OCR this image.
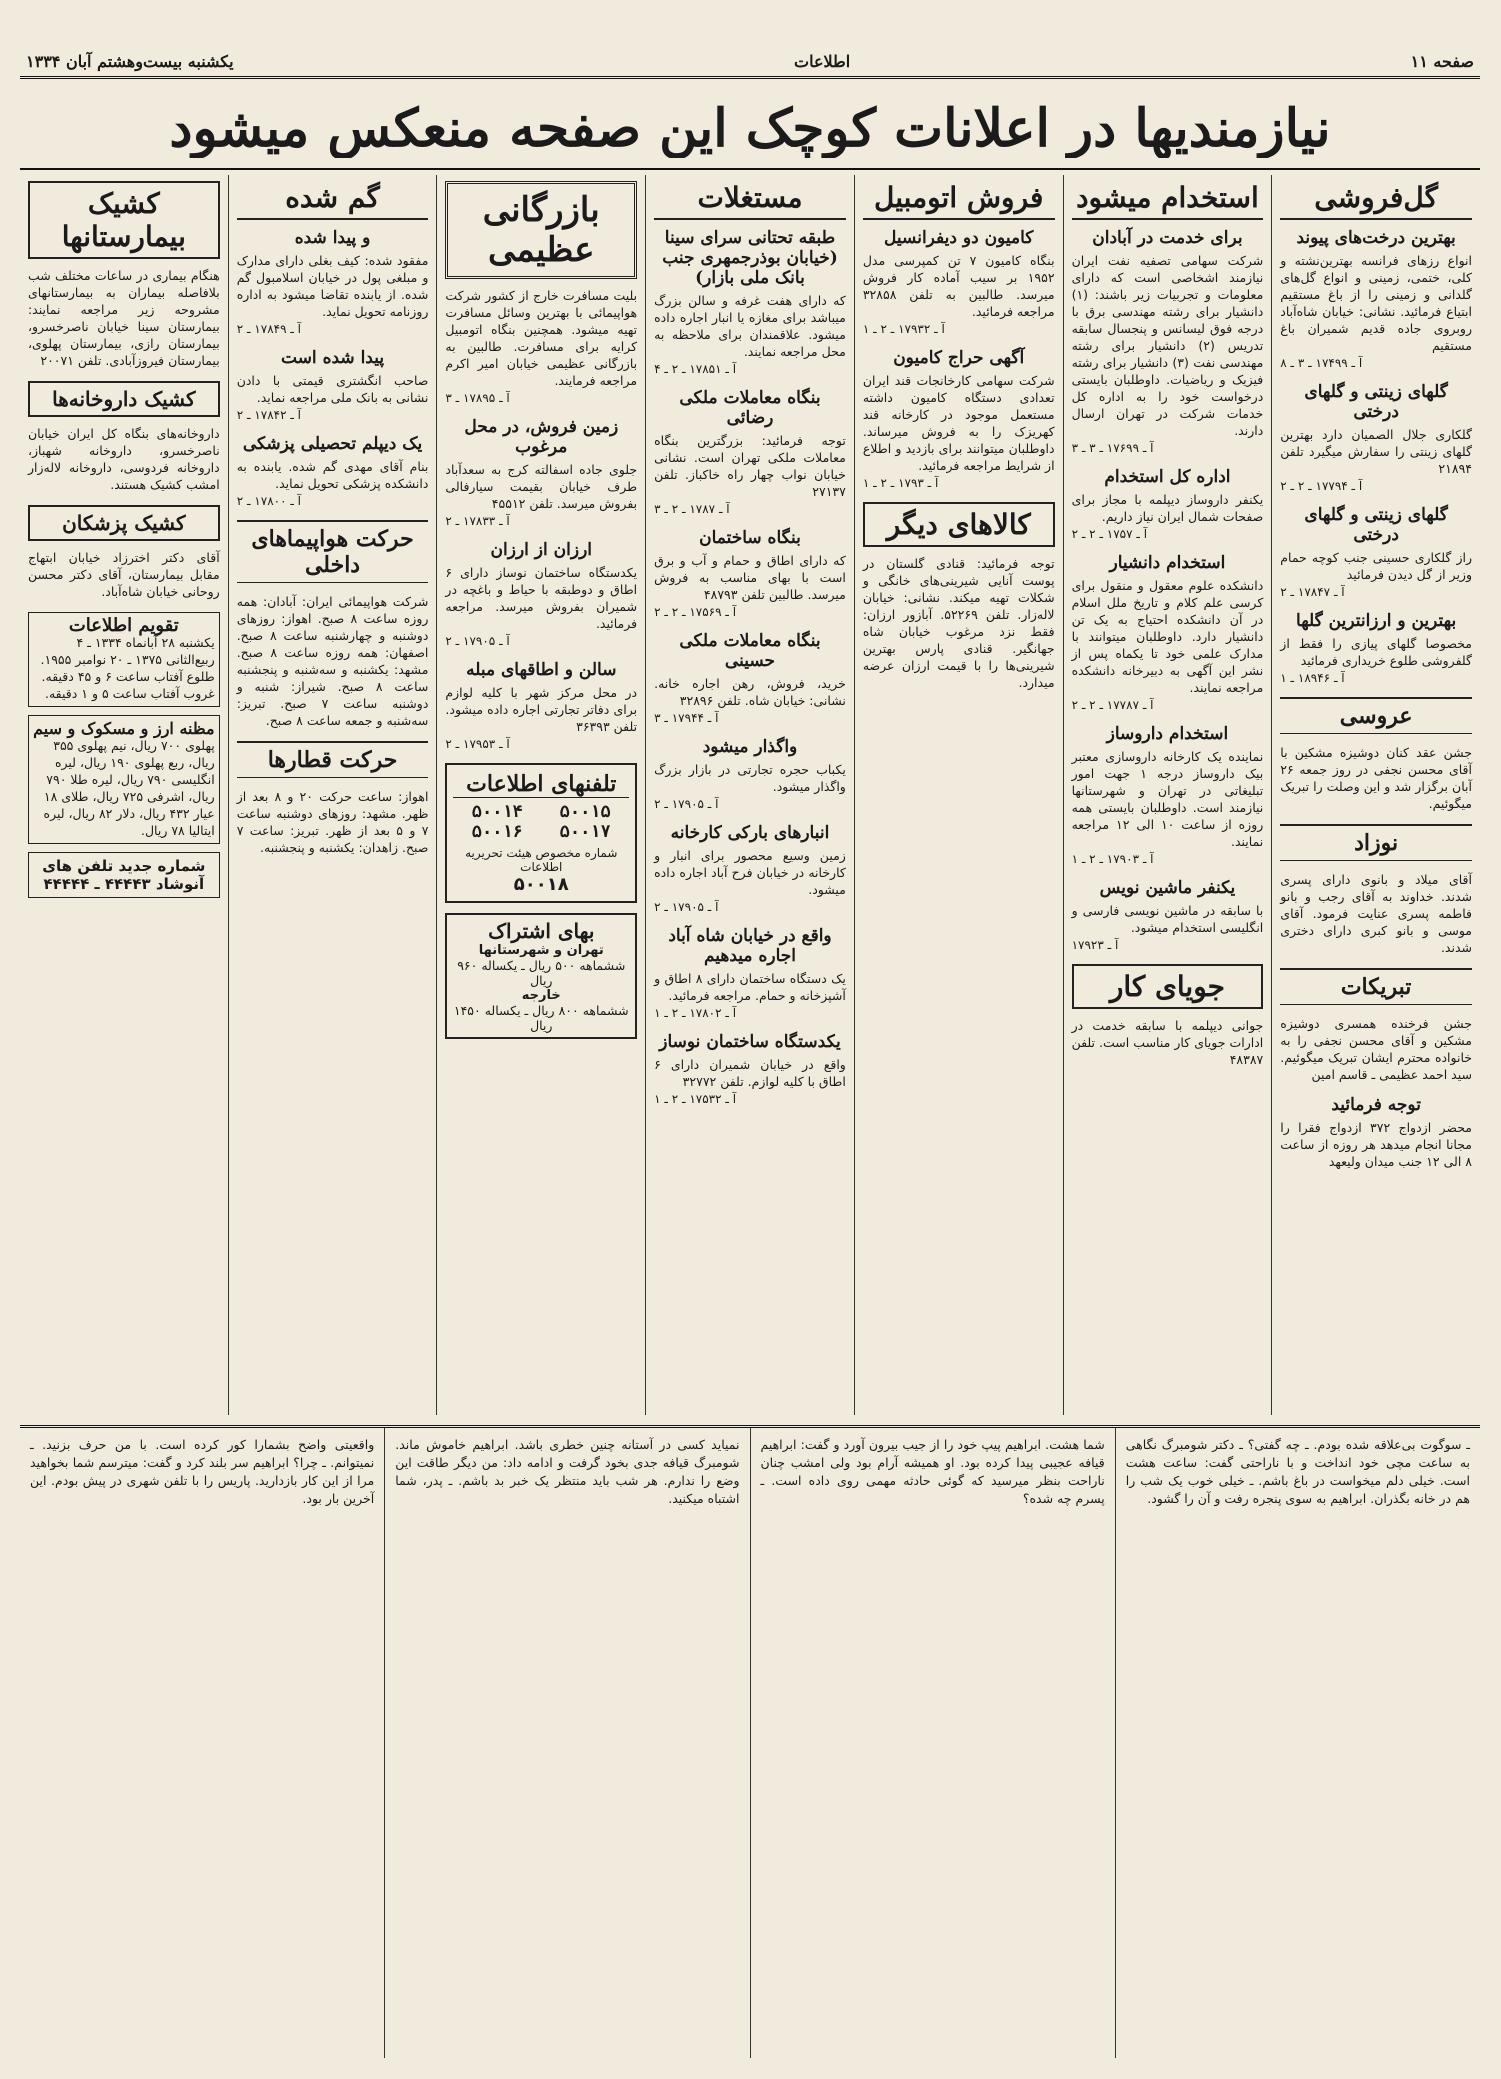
صفحه ۱۱
اطلاعات
یکشنبه بیست‌وهشتم آبان ۱۳۳۴
نیازمندیها در اعلانات کوچک این صفحه منعکس میشود
گل‌فروشی
بهترین درخت‌های پیوند

انواع رزهای فرانسه بهترین‌نشته و کلی، ختمی، زمینی و انواع گل‌های گلدانی و زمینی را از باغ مستقیم ابتیاع فرمائید. نشانی: خیابان شاه‌آباد روبروی جاده قدیم شمیران باغ مستقیم

آ ـ ۱۷۴۹۹ ـ ۳ ـ ۸
گلهای زینتی و گلهای درختی

گلکاری جلال الصمیان دارد بهترین گلهای زینتی را سفارش میگیرد تلفن ۲۱۸۹۴

آ ـ ۱۷۷۹۴ ـ ۲ ـ ۲
گلهای زینتی و گلهای درختی

راز گلکاری حسینی جنب کوچه حمام وزیر از گل دیدن فرمائید

آ ـ ۱۷۸۴۷ ـ ۲
بهترین و ارزانترین گلها

مخصوصا گلهای پیازی را فقط از گلفروشی طلوع خریداری فرمائید

آ ـ ۱۸۹۴۶ ـ ۱
عروسی

جشن عقد کنان دوشیزه مشکین با آقای محسن نجفی در روز جمعه ۲۶ آبان برگزار شد و این وصلت را تبریک میگوئیم.

نوزاد

آقای میلاد و بانوی دارای پسری شدند. خداوند به آقای رجب و بانو فاطمه پسری عنایت فرمود. آقای موسی و بانو کبری دارای دختری شدند.

تبریکات

جشن فرخنده همسری دوشیزه مشکین و آقای محسن نجفی را به خانواده محترم ایشان تبریک میگوئیم. سید احمد عظیمی ـ قاسم امین

توجه فرمائید

محضر ازدواج ۳۷۲ ازدواج فقرا را مجانا انجام میدهد هر روزه از ساعت ۸ الی ۱۲ جنب میدان ولیعهد

استخدام میشود
برای خدمت در آبادان

شرکت سهامی تصفیه نفت ایران نیازمند اشخاصی است که دارای معلومات و تجربیات زیر باشند: (۱) دانشیار برای رشته مهندسی برق با درجه فوق لیسانس و پنجسال سابقه تدریس (۲) دانشیار برای رشته مهندسی نفت (۳) دانشیار برای رشته فیزیک و ریاضیات. داوطلبان بایستی درخواست خود را به اداره کل خدمات شرکت در تهران ارسال دارند.

آ ـ ۱۷۶۹۹ ـ ۳ ـ ۳
اداره کل استخدام

یکنفر داروساز دیپلمه با مجاز برای صفحات شمال ایران نیاز داریم.

آ ـ ۱۷۵۷ ـ ۲ ـ ۲
استخدام دانشیار

دانشکده علوم معقول و منقول برای کرسی علم کلام و تاریخ ملل اسلام در آن دانشکده احتیاج به یک تن دانشیار دارد. داوطلبان میتوانند با مدارک علمی خود تا یکماه پس از نشر این آگهی به دبیرخانه دانشکده مراجعه نمایند.

آ ـ ۱۷۷۸۷ ـ ۲ ـ ۲
استخدام داروساز

نماینده یک کارخانه داروسازی معتبر بیک داروساز درجه ۱ جهت امور تبلیغاتی در تهران و شهرستانها نیازمند است. داوطلبان بایستی همه روزه از ساعت ۱۰ الی ۱۲ مراجعه نمایند.

آ ـ ۱۷۹۰۳ ـ ۲ ـ ۱
یکنفر ماشین نویس

با سابقه در ماشین نویسی فارسی و انگلیسی استخدام میشود.

آ ـ ۱۷۹۲۳
جویای کار

جوانی دیپلمه با سابقه خدمت در ادارات جویای کار مناسب است. تلفن ۴۸۳۸۷

فروش اتومبیل
کامیون دو دیفرانسیل

بنگاه کامیون ۷ تن کمپرسی مدل ۱۹۵۲ بر سیب آماده کار فروش میرسد. طالبین به تلفن ۳۲۸۵۸ مراجعه فرمائید.

آ ـ ۱۷۹۳۲ ـ ۲ ـ ۱
آگهی حراج کامیون

شرکت سهامی کارخانجات قند ایران تعدادی دستگاه کامیون داشته مستعمل موجود در کارخانه قند کهریزک را به فروش میرساند. داوطلبان میتوانند برای بازدید و اطلاع از شرایط مراجعه فرمائید.

آ ـ ۱۷۹۳ ـ ۲ ـ ۱
کالاهای دیگر

توجه فرمائید: قنادی گلستان در پوست آنایی شیرینی‌های خانگی و شکلات تهیه میکند. نشانی: خیابان لاله‌زار. تلفن ۵۲۲۶۹. آبازور ارزان: فقط نزد مرغوب خیابان شاه جهانگیر. قنادی پارس بهترین شیرینی‌ها را با قیمت ارزان عرضه میدارد.

مستغلات
طبقه تحتانی سرای سینا (خیابان بوذرجمهری جنب بانک ملی بازار)

که دارای هفت غرفه و سالن بزرگ میباشد برای مغازه یا انبار اجاره داده میشود. علاقمندان برای ملاحظه به محل مراجعه نمایند.

آ ـ ۱۷۸۵۱ ـ ۲ ـ ۴
بنگاه معاملات ملکی رضائی

توجه فرمائید: بزرگترین بنگاه معاملات ملکی تهران است. نشانی خیابان نواب چهار راه خاکباز. تلفن ۲۷۱۳۷

آ ـ ۱۷۸۷ ـ ۲ ـ ۳
بنگاه ساختمان

که دارای اطاق و حمام و آب و برق است با بهای مناسب به فروش میرسد. طالبین تلفن ۴۸۷۹۳

آ ـ ۱۷۵۶۹ ـ ۲ ـ ۲
بنگاه معاملات ملکی حسینی

خرید، فروش، رهن اجاره خانه. نشانی: خیابان شاه. تلفن ۳۲۸۹۶

آ ـ ۱۷۹۴۴ ـ ۳
واگذار میشود

یکباب حجره تجارتی در بازار بزرگ واگذار میشود.

آ ـ ۱۷۹۰۵ ـ ۲
انبارهای بارکی کارخانه

زمین وسیع محصور برای انبار و کارخانه در خیابان فرح آباد اجاره داده میشود.

آ ـ ۱۷۹۰۵ ـ ۲
واقع در خیابان شاه آباد اجاره میدهیم

یک دستگاه ساختمان دارای ۸ اطاق و آشپزخانه و حمام. مراجعه فرمائید.

آ ـ ۱۷۸۰۲ ـ ۲ ـ ۱
یکدستگاه ساختمان نوساز

واقع در خیابان شمیران دارای ۶ اطاق با کلیه لوازم. تلفن ۳۲۷۷۲

آ ـ ۱۷۵۳۲ ـ ۲ ـ ۱
بازرگانی عظیمی

بلیت مسافرت خارج از کشور شرکت هواپیمائی با بهترین وسائل مسافرت تهیه میشود. همچنین بنگاه اتومبیل کرایه برای مسافرت. طالبین به بازرگانی عظیمی خیابان امیر اکرم مراجعه فرمایند.

آ ـ ۱۷۸۹۵ ـ ۳
زمین فروش، در محل مرغوب

جلوی جاده اسفالته کرج به سعدآباد طرف خیابان بقیمت سیارفالی بفروش میرسد. تلفن ۴۵۵۱۲

آ ـ ۱۷۸۳۳ ـ ۲
ارزان از ارزان

یکدستگاه ساختمان نوساز دارای ۶ اطاق و دوطبقه با حیاط و باغچه در شمیران بفروش میرسد. مراجعه فرمائید.

آ ـ ۱۷۹۰۵ ـ ۲
سالن و اطاقهای مبله

در محل مرکز شهر با کلیه لوازم برای دفاتر تجارتی اجاره داده میشود. تلفن ۳۶۳۹۳

آ ـ ۱۷۹۵۳ ـ ۲
تلفنهای اطلاعات
۵۰۰۱۵
۵۰۰۱۴
۵۰۰۱۷
۵۰۰۱۶
شماره مخصوص هیئت تحریریه اطلاعات
۵۰۰۱۸
بهای اشتراک
تهران و شهرستانها
ششماهه ۵۰۰ ریال ـ یکساله ۹۶۰ ریال
خارجه
ششماهه ۸۰۰ ریال ـ یکساله ۱۴۵۰ ریال
گم شده
و پیدا شده

مفقود شده: کیف بغلی دارای مدارک و مبلغی پول در خیابان اسلامبول گم شده. از یابنده تقاضا میشود به اداره روزنامه تحویل نماید.

آ ـ ۱۷۸۴۹ ـ ۲
پیدا شده است

صاحب انگشتری قیمتی با دادن نشانی به بانک ملی مراجعه نماید.

آ ـ ۱۷۸۴۲ ـ ۲
یک دیپلم تحصیلی پزشکی

بنام آقای مهدی گم شده. یابنده به دانشکده پزشکی تحویل نماید.

آ ـ ۱۷۸۰۰ ـ ۲
حرکت هواپیماهای داخلی

شرکت هواپیمائی ایران: آبادان: همه روزه ساعت ۸ صبح. اهواز: روزهای دوشنبه و چهارشنبه ساعت ۸ صبح. اصفهان: همه روزه ساعت ۸ صبح. مشهد: یکشنبه و سه‌شنبه و پنجشنبه ساعت ۸ صبح. شیراز: شنبه و دوشنبه ساعت ۷ صبح. تبریز: سه‌شنبه و جمعه ساعت ۸ صبح.

حرکت قطارها

اهواز: ساعت حرکت ۲۰ و ۸ بعد از ظهر. مشهد: روزهای دوشنبه ساعت ۷ و ۵ بعد از ظهر. تبریز: ساعت ۷ صبح. زاهدان: یکشنبه و پنجشنبه.

کشیک بیمارستانها

هنگام بیماری در ساعات مختلف شب بلافاصله بیماران به بیمارستانهای مشروحه زیر مراجعه نمایند: بیمارستان سینا خیابان ناصرخسرو، بیمارستان رازی، بیمارستان پهلوی، بیمارستان فیروزآبادی. تلفن ۲۰۰۷۱

کشیک داروخانه‌ها

داروخانه‌های بنگاه کل ایران خیابان ناصرخسرو، داروخانه شهباز، داروخانه فردوسی، داروخانه لاله‌زار امشب کشیک هستند.

کشیک پزشکان

آقای دکتر اخترزاد خیابان ابتهاج مقابل بیمارستان، آقای دکتر محسن روحانی خیابان شاه‌آباد.

تقویم اطلاعات
یکشنبه ۲۸ آبانماه ۱۳۳۴ ـ ۴ ربیع‌الثانی ۱۳۷۵ ـ ۲۰ نوامبر ۱۹۵۵. طلوع آفتاب ساعت ۶ و ۴۵ دقیقه. غروب آفتاب ساعت ۵ و ۱ دقیقه.
مظنه ارز و مسکوک و سیم
پهلوی ۷۰۰ ریال، نیم پهلوی ۳۵۵ ریال، ربع پهلوی ۱۹۰ ریال، لیره انگلیسی ۷۹۰ ریال، لیره طلا ۷۹۰ ریال، اشرفی ۷۲۵ ریال، طلای ۱۸ عیار ۴۳۲ ریال، دلار ۸۲ ریال، لیره ایتالیا ۷۸ ریال.
شماره جدید تلفن های آنوشاد ۴۴۴۴۳ ـ ۴۴۴۴۴

ـ سوگوت بی‌علاقه شده بودم. ـ چه گفتی؟ ـ دکتر شومبرگ نگاهی به ساعت مچی خود انداخت و با ناراحتی گفت: ساعت هشت است. خیلی دلم میخواست در باغ باشم. ـ خیلی خوب یک شب را هم در خانه بگذران. ابراهیم به سوی پنجره رفت و آن را گشود.

شما هشت. ابراهیم پیپ خود را از جیب بیرون آورد و گفت: ابراهیم قیافه عجیبی پیدا کرده بود. او همیشه آرام بود ولی امشب چنان ناراحت بنظر میرسید که گوئی حادثه مهمی روی داده است. ـ پسرم چه شده؟

نمیاید کسی در آستانه چنین خطری باشد. ابراهیم خاموش ماند. شومبرگ قیافه جدی بخود گرفت و ادامه داد: من دیگر طاقت این وضع را ندارم. هر شب باید منتظر یک خبر بد باشم. ـ پدر، شما اشتباه میکنید.

واقعیتی واضح بشمارا کور کرده است. با من حرف بزنید. ـ نمیتوانم. ـ چرا؟ ابراهیم سر بلند کرد و گفت: میترسم شما بخواهید مرا از این کار بازدارید. پاریس را با تلفن شهری در پیش بودم. این آخرین بار بود.
